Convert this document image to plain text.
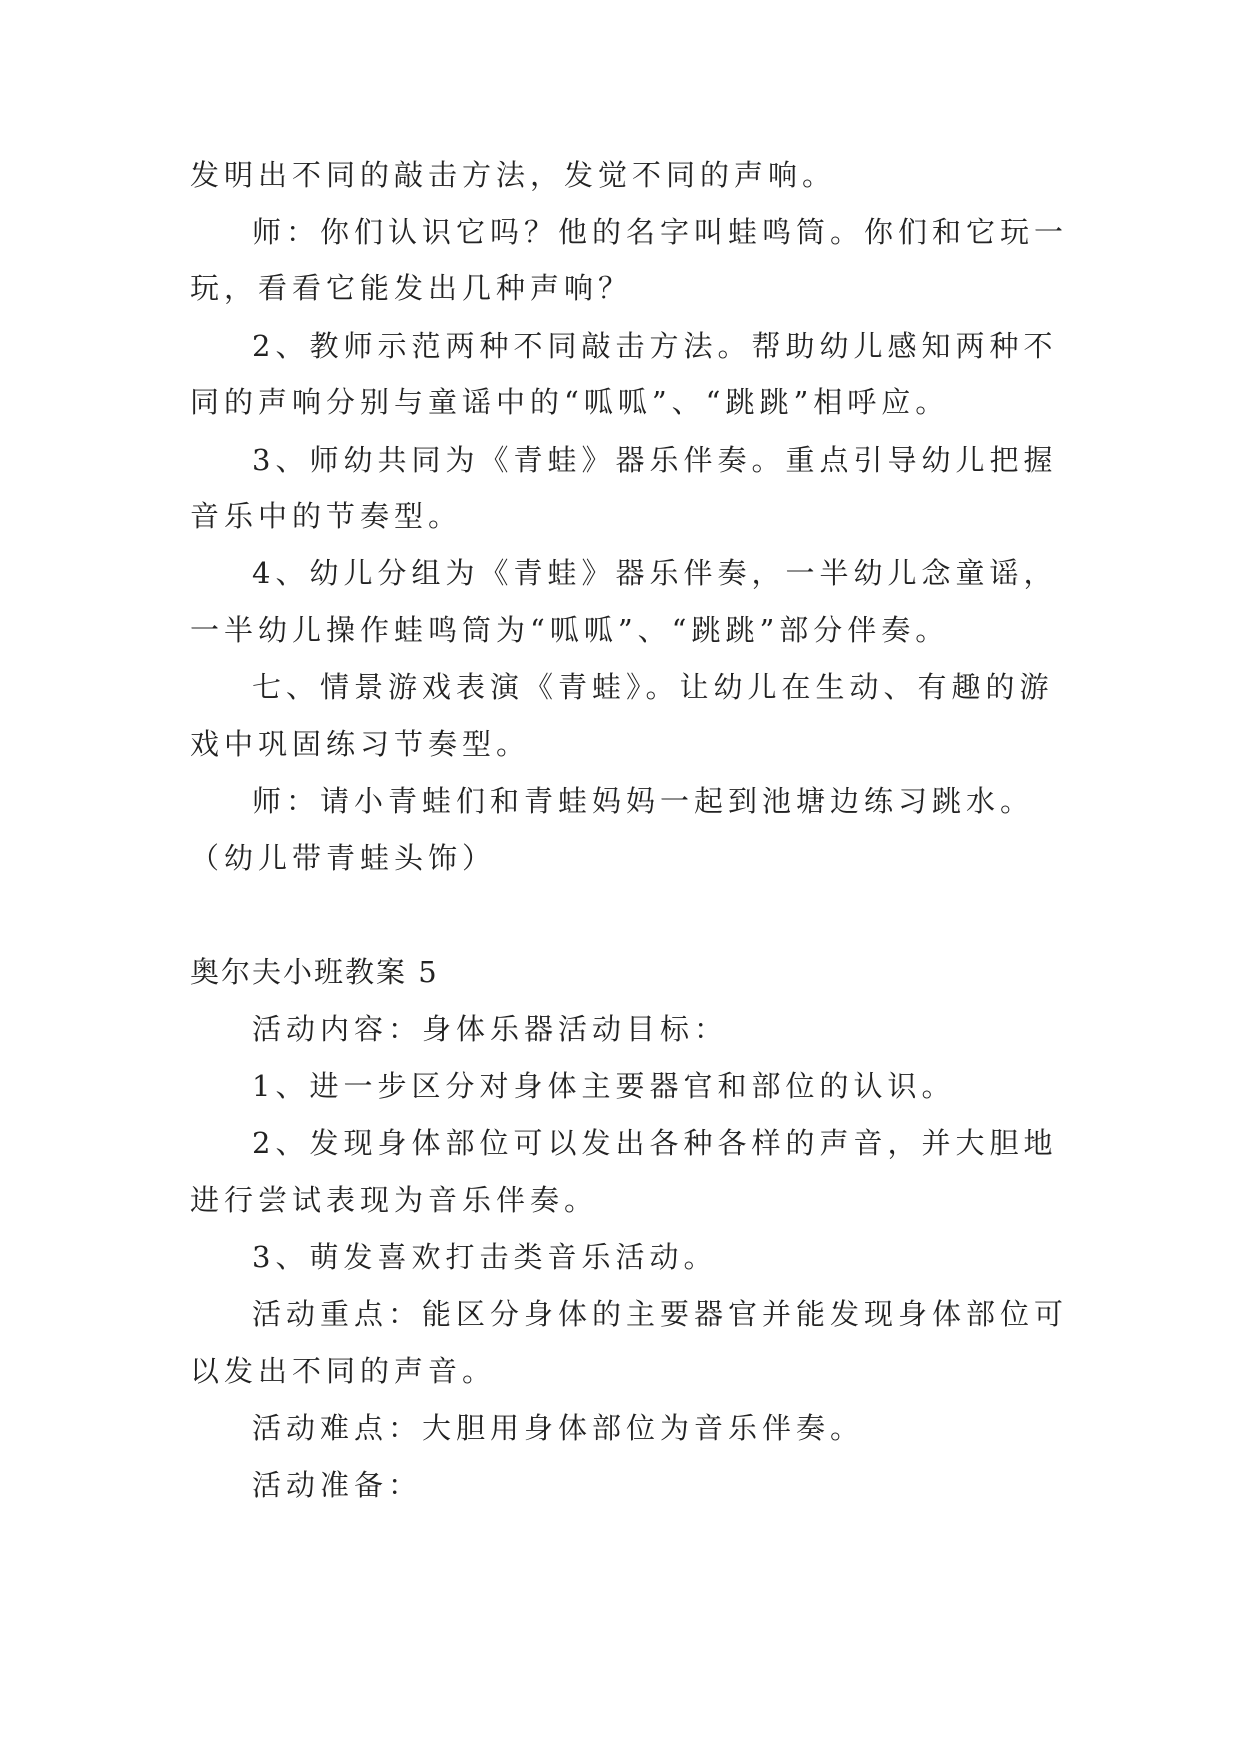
发明出不同的敲击方法，发觉不同的声响。

师：你们认识它吗？他的名字叫蛙鸣筒。你们和它玩一

玩，看看它能发出几种声响？

2、教师示范两种不同敲击方法。帮助幼儿感知两种不

同的声响分别与童谣中的“呱呱”、“跳跳”相呼应。

3、师幼共同为《青蛙》器乐伴奏。重点引导幼儿把握

音乐中的节奏型。

4、幼儿分组为《青蛙》器乐伴奏，一半幼儿念童谣，

一半幼儿操作蛙鸣筒为“呱呱”、“跳跳”部分伴奏。

七、情景游戏表演《青蛙》。让幼儿在生动、有趣的游

戏中巩固练习节奏型。

师：请小青蛙们和青蛙妈妈一起到池塘边练习跳水。

（幼儿带青蛙头饰）

奥尔夫小班教案 5

活动内容：身体乐器活动目标：

1、进一步区分对身体主要器官和部位的认识。

2、发现身体部位可以发出各种各样的声音，并大胆地

进行尝试表现为音乐伴奏。

3、萌发喜欢打击类音乐活动。

活动重点：能区分身体的主要器官并能发现身体部位可

以发出不同的声音。

活动难点：大胆用身体部位为音乐伴奏。

活动准备：
